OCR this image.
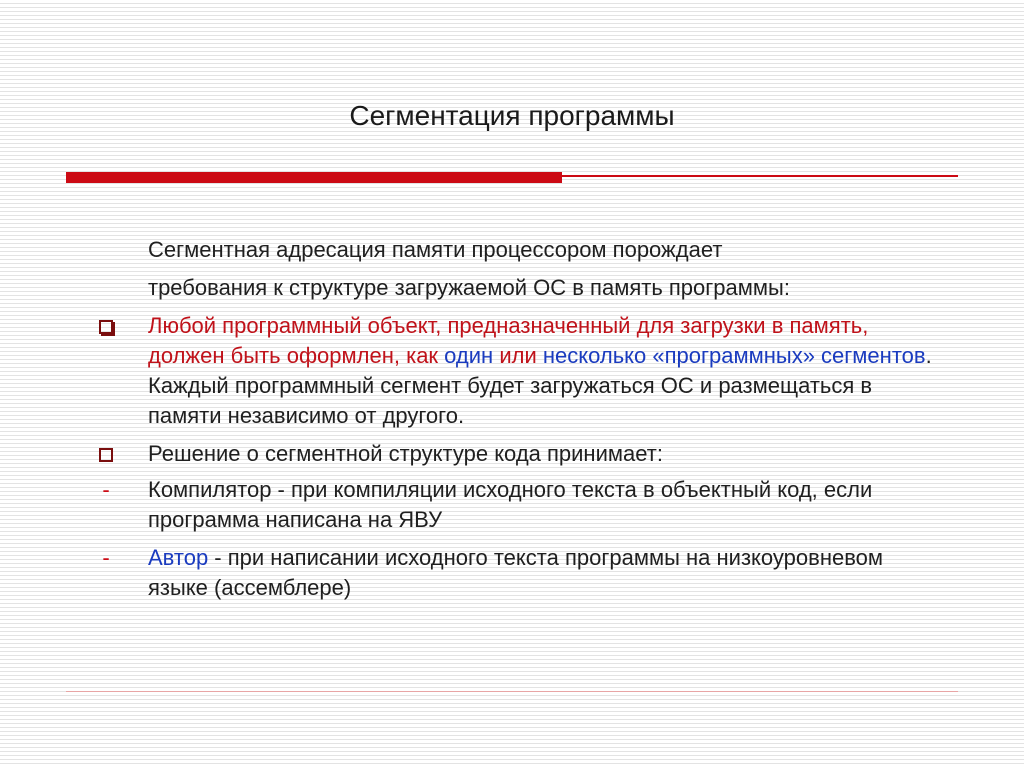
Сегментация программы
Сегментная адресация памяти процессором порождает
требования к структуре загружаемой ОС в память программы:
Любой программный объект, предназначенный для загрузки в память, должен быть оформлен, как один или несколько «программных» сегментов. Каждый программный сегмент будет загружаться ОС и размещаться в памяти независимо от другого.
Решение о сегментной структуре кода принимает:
- Компилятор - при компиляции исходного текста в объектный код, если программа написана на ЯВУ
- Автор - при написании исходного текста программы на низкоуровневом языке (ассемблере)
